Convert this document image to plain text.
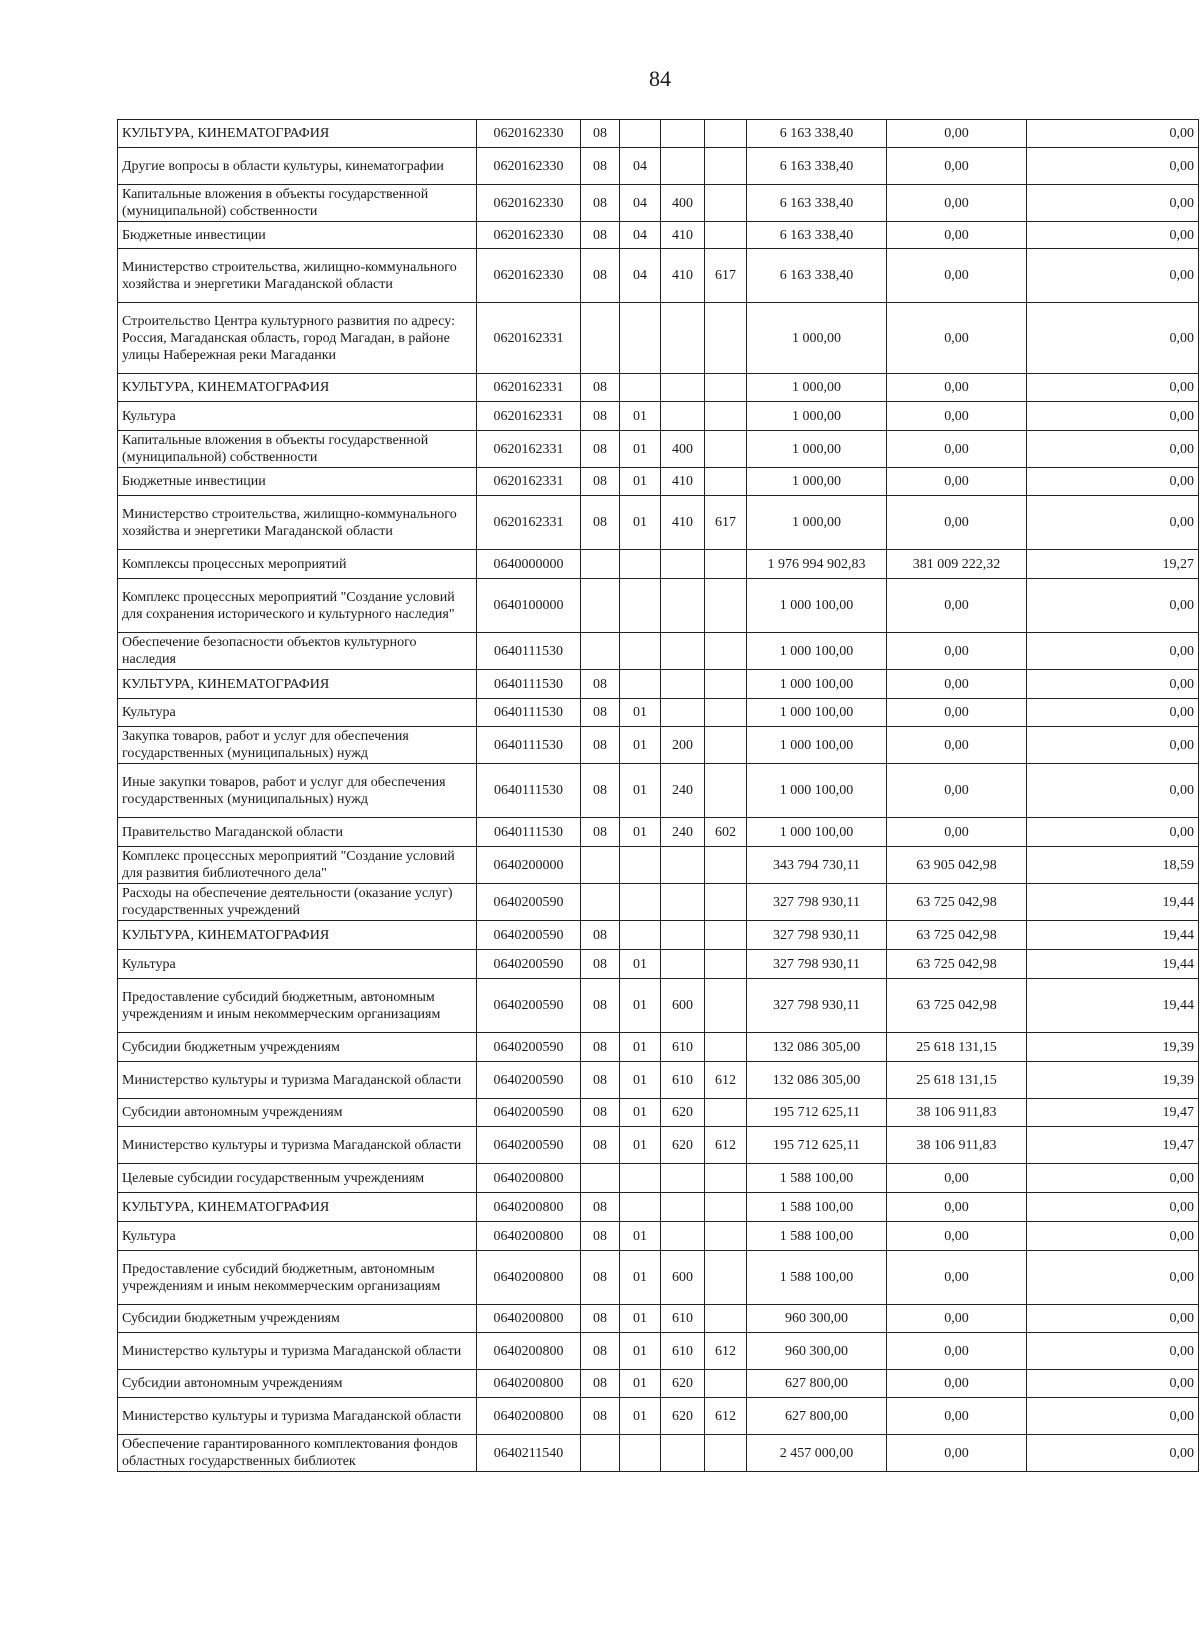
84
КУЛЬТУРА, КИНЕМАТОГРАФИЯ	0620162330	08				6 163 338,40	0,00	0,00
Другие вопросы в области культуры, кинематографии	0620162330	08	04			6 163 338,40	0,00	0,00
Капитальные вложения в объекты государственной (муниципальной) собственности	0620162330	08	04	400		6 163 338,40	0,00	0,00
Бюджетные инвестиции	0620162330	08	04	410		6 163 338,40	0,00	0,00
Министерство строительства, жилищно-коммунального хозяйства и энергетики Магаданской области	0620162330	08	04	410	617	6 163 338,40	0,00	0,00
Строительство Центра культурного развития по адресу: Россия, Магаданская область, город Магадан, в районе улицы Набережная реки Магаданки	0620162331					1 000,00	0,00	0,00
КУЛЬТУРА, КИНЕМАТОГРАФИЯ	0620162331	08				1 000,00	0,00	0,00
Культура	0620162331	08	01			1 000,00	0,00	0,00
Капитальные вложения в объекты государственной (муниципальной) собственности	0620162331	08	01	400		1 000,00	0,00	0,00
Бюджетные инвестиции	0620162331	08	01	410		1 000,00	0,00	0,00
Министерство строительства, жилищно-коммунального хозяйства и энергетики Магаданской области	0620162331	08	01	410	617	1 000,00	0,00	0,00
Комплексы процессных мероприятий	0640000000					1 976 994 902,83	381 009 222,32	19,27
Комплекс процессных мероприятий "Создание условий для сохранения исторического и культурного наследия"	0640100000					1 000 100,00	0,00	0,00
Обеспечение безопасности объектов культурного наследия	0640111530					1 000 100,00	0,00	0,00
КУЛЬТУРА, КИНЕМАТОГРАФИЯ	0640111530	08				1 000 100,00	0,00	0,00
Культура	0640111530	08	01			1 000 100,00	0,00	0,00
Закупка товаров, работ и услуг для обеспечения государственных (муниципальных) нужд	0640111530	08	01	200		1 000 100,00	0,00	0,00
Иные закупки товаров, работ и услуг для обеспечения государственных (муниципальных) нужд	0640111530	08	01	240		1 000 100,00	0,00	0,00
Правительство Магаданской области	0640111530	08	01	240	602	1 000 100,00	0,00	0,00
Комплекс процессных мероприятий "Создание условий для развития библиотечного дела"	0640200000					343 794 730,11	63 905 042,98	18,59
Расходы на обеспечение деятельности (оказание услуг) государственных учреждений	0640200590					327 798 930,11	63 725 042,98	19,44
КУЛЬТУРА, КИНЕМАТОГРАФИЯ	0640200590	08				327 798 930,11	63 725 042,98	19,44
Культура	0640200590	08	01			327 798 930,11	63 725 042,98	19,44
Предоставление субсидий бюджетным, автономным учреждениям и иным некоммерческим организациям	0640200590	08	01	600		327 798 930,11	63 725 042,98	19,44
Субсидии бюджетным учреждениям	0640200590	08	01	610		132 086 305,00	25 618 131,15	19,39
Министерство культуры и туризма Магаданской области	0640200590	08	01	610	612	132 086 305,00	25 618 131,15	19,39
Субсидии автономным учреждениям	0640200590	08	01	620		195 712 625,11	38 106 911,83	19,47
Министерство культуры и туризма Магаданской области	0640200590	08	01	620	612	195 712 625,11	38 106 911,83	19,47
Целевые субсидии государственным учреждениям	0640200800					1 588 100,00	0,00	0,00
КУЛЬТУРА, КИНЕМАТОГРАФИЯ	0640200800	08				1 588 100,00	0,00	0,00
Культура	0640200800	08	01			1 588 100,00	0,00	0,00
Предоставление субсидий бюджетным, автономным учреждениям и иным некоммерческим организациям	0640200800	08	01	600		1 588 100,00	0,00	0,00
Субсидии бюджетным учреждениям	0640200800	08	01	610		960 300,00	0,00	0,00
Министерство культуры и туризма Магаданской области	0640200800	08	01	610	612	960 300,00	0,00	0,00
Субсидии автономным учреждениям	0640200800	08	01	620		627 800,00	0,00	0,00
Министерство культуры и туризма Магаданской области	0640200800	08	01	620	612	627 800,00	0,00	0,00
Обеспечение гарантированного комплектования фондов областных государственных библиотек	0640211540					2 457 000,00	0,00	0,00
